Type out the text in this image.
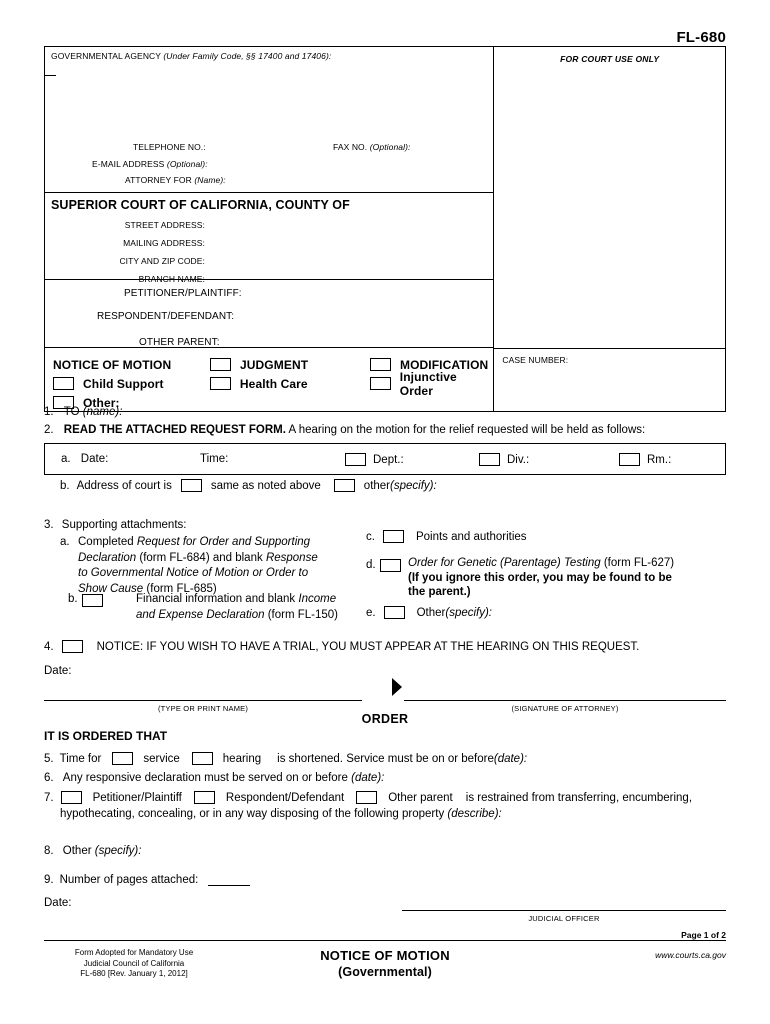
FL-680
GOVERNMENTAL AGENCY (Under Family Code, §§ 17400 and 17406):
TELEPHONE NO.:	FAX NO. (Optional):
E-MAIL ADDRESS (Optional):
ATTORNEY FOR (Name):
SUPERIOR COURT OF CALIFORNIA, COUNTY OF
STREET ADDRESS:
MAILING ADDRESS:
CITY AND ZIP CODE:
BRANCH NAME:
PETITIONER/PLAINTIFF:
RESPONDENT/DEFENDANT:
OTHER PARENT:
NOTICE OF MOTION	JUDGMENT	MODIFICATION
Child Support	Health Care	Injunctive Order
Other:
FOR COURT USE ONLY
CASE NUMBER:
1. TO (name):
2. READ THE ATTACHED REQUEST FORM. A hearing on the motion for the relief requested will be held as follows:
a. Date:	Time:	Dept.:	Div.:	Rm.:
b. Address of court is	same as noted above	other (specify):
3. Supporting attachments:
a. Completed Request for Order and Supporting
Declaration (form FL-684) and blank Response
to Governmental Notice of Motion or Order to
Show Cause (form FL-685)
b.	Financial information and blank Income
and Expense Declaration (form FL-150)
c.	Points and authorities
d.	Order for Genetic (Parentage) Testing (form FL-627)
(If you ignore this order, you may be found to be
the parent.)
e.	Other (specify):
4.	NOTICE: IF YOU WISH TO HAVE A TRIAL, YOU MUST APPEAR AT THE HEARING ON THIS REQUEST.
Date:
(TYPE OR PRINT NAME)	(SIGNATURE OF ATTORNEY)
ORDER
IT IS ORDERED THAT
5. Time for	service	hearing is shortened. Service must be on or before (date):
6. Any responsive declaration must be served on or before (date):
7.	Petitioner/Plaintiff	Respondent/Defendant	Other parent is restrained from transferring, encumbering,
hypothecating, concealing, or in any way disposing of the following property (describe):
8. Other (specify):
9. Number of pages attached:
Date:
JUDICIAL OFFICER
Page 1 of 2
Form Adopted for Mandatory Use
Judicial Council of California
FL-680 [Rev. January 1, 2012]
NOTICE OF MOTION
(Governmental)
www.courts.ca.gov
